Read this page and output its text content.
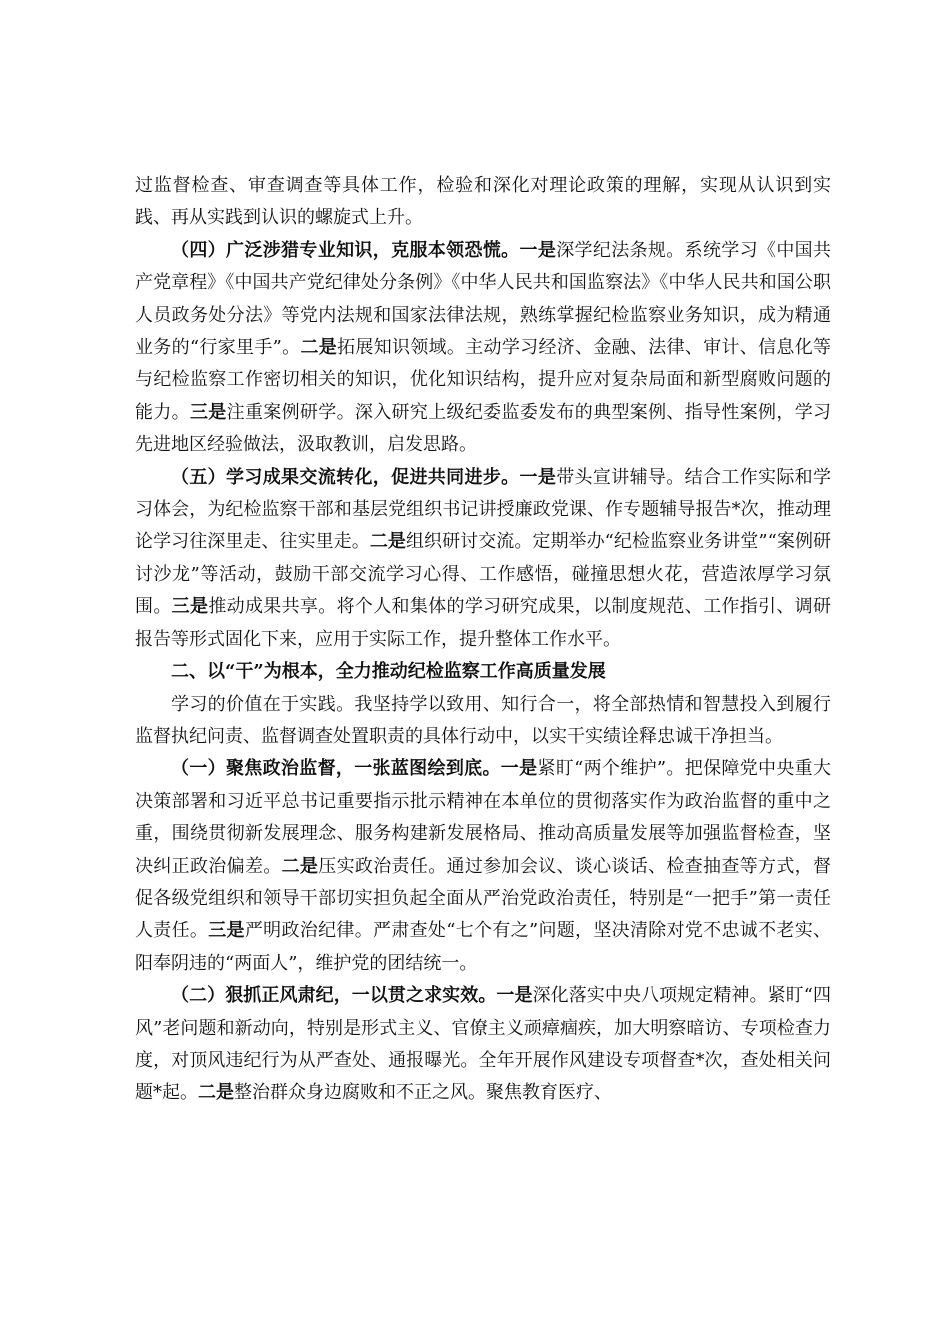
过监督检查、审查调查等具体工作，检验和深化对理论政策的理解，实现从认识到实践、再从实践到认识的螺旋式上升。

（四）广泛涉猎专业知识，克服本领恐慌。一是深学纪法条规。系统学习《中国共产党章程》《中国共产党纪律处分条例》《中华人民共和国监察法》《中华人民共和国公职人员政务处分法》等党内法规和国家法律法规，熟练掌握纪检监察业务知识，成为精通业务的“行家里手”。二是拓展知识领域。主动学习经济、金融、法律、审计、信息化等与纪检监察工作密切相关的知识，优化知识结构，提升应对复杂局面和新型腐败问题的能力。三是注重案例研学。深入研究上级纪委监委发布的典型案例、指导性案例，学习先进地区经验做法，汲取教训，启发思路。

（五）学习成果交流转化，促进共同进步。一是带头宣讲辅导。结合工作实际和学习体会，为纪检监察干部和基层党组织书记讲授廉政党课、作专题辅导报告*次，推动理论学习往深里走、往实里走。二是组织研讨交流。定期举办“纪检监察业务讲堂”“案例研讨沙龙”等活动，鼓励干部交流学习心得、工作感悟，碰撞思想火花，营造浓厚学习氛围。三是推动成果共享。将个人和集体的学习研究成果，以制度规范、工作指引、调研报告等形式固化下来，应用于实际工作，提升整体工作水平。

二、以“干”为根本，全力推动纪检监察工作高质量发展

学习的价值在于实践。我坚持学以致用、知行合一，将全部热情和智慧投入到履行监督执纪问责、监督调查处置职责的具体行动中，以实干实绩诠释忠诚干净担当。

（一）聚焦政治监督，一张蓝图绘到底。一是紧盯“两个维护”。把保障党中央重大决策部署和习近平总书记重要指示批示精神在本单位的贯彻落实作为政治监督的重中之重，围绕贯彻新发展理念、服务构建新发展格局、推动高质量发展等加强监督检查，坚决纠正政治偏差。二是压实政治责任。通过参加会议、谈心谈话、检查抽查等方式，督促各级党组织和领导干部切实担负起全面从严治党政治责任，特别是“一把手”第一责任人责任。三是严明政治纪律。严肃查处“七个有之”问题，坚决清除对党不忠诚不老实、阳奉阴违的“两面人”，维护党的团结统一。

（二）狠抓正风肃纪，一以贯之求实效。一是深化落实中央八项规定精神。紧盯“四风”老问题和新动向，特别是形式主义、官僚主义顽瘴痼疾，加大明察暗访、专项检查力度，对顶风违纪行为从严查处、通报曝光。全年开展作风建设专项督查*次，查处相关问题*起。二是整治群众身边腐败和不正之风。聚焦教育医疗、
